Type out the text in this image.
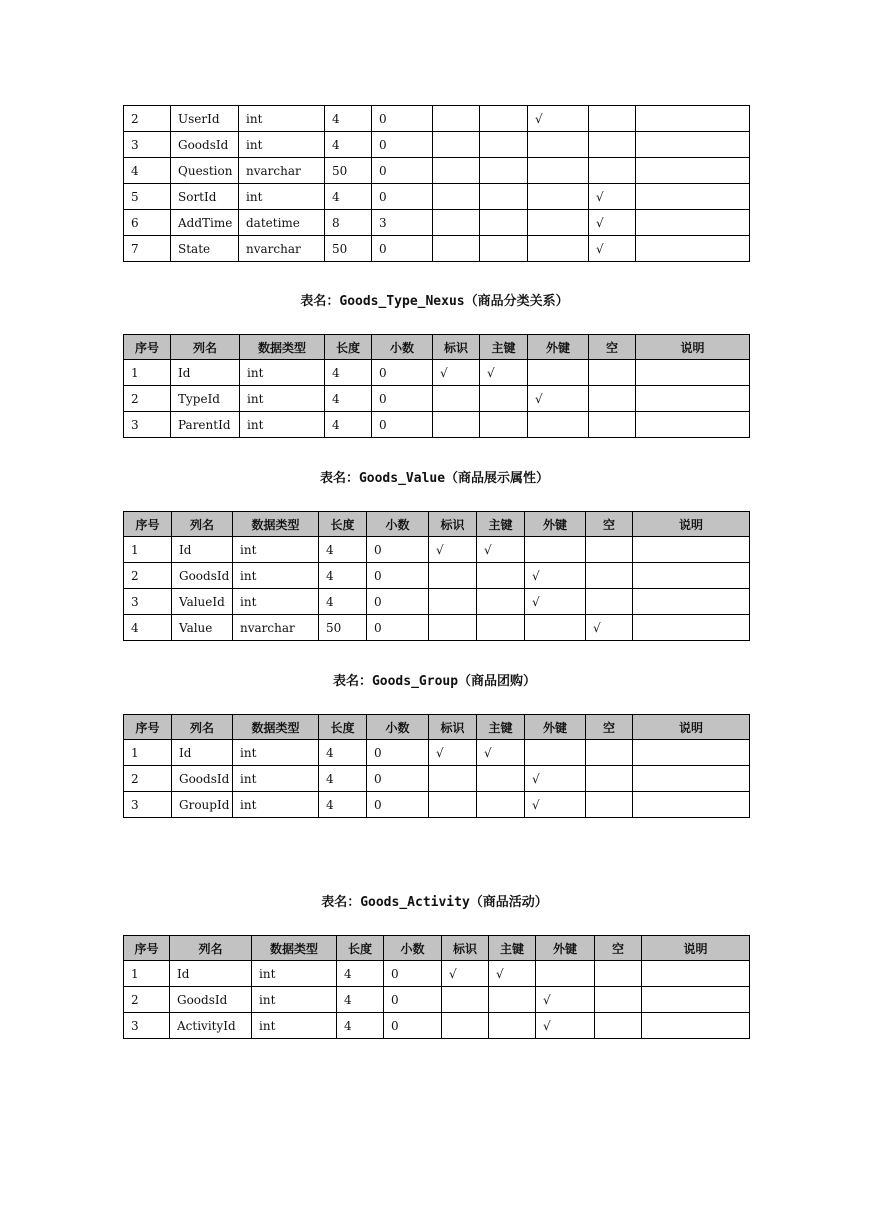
2	UserId	int	4	0			√		
3	GoodsId	int	4	0					
4	Question	nvarchar	50	0					
5	SortId	int	4	0				√	
6	AddTime	datetime	8	3				√	
7	State	nvarchar	50	0				√	
表名：Goods_Type_Nexus（商品分类关系）
序号	列名	数据类型	长度	小数	标识	主键	外键	空	说明
1	Id	int	4	0	√	√			
2	TypeId	int	4	0			√		
3	ParentId	int	4	0					
表名：Goods_Value（商品展示属性）
序号	列名	数据类型	长度	小数	标识	主键	外键	空	说明
1	Id	int	4	0	√	√			
2	GoodsId	int	4	0			√		
3	ValueId	int	4	0			√		
4	Value	nvarchar	50	0				√	
表名：Goods_Group（商品团购）
序号	列名	数据类型	长度	小数	标识	主键	外键	空	说明
1	Id	int	4	0	√	√			
2	GoodsId	int	4	0			√		
3	GroupId	int	4	0			√		
表名：Goods_Activity（商品活动）
序号	列名	数据类型	长度	小数	标识	主键	外键	空	说明
1	Id	int	4	0	√	√			
2	GoodsId	int	4	0			√		
3	ActivityId	int	4	0			√		
